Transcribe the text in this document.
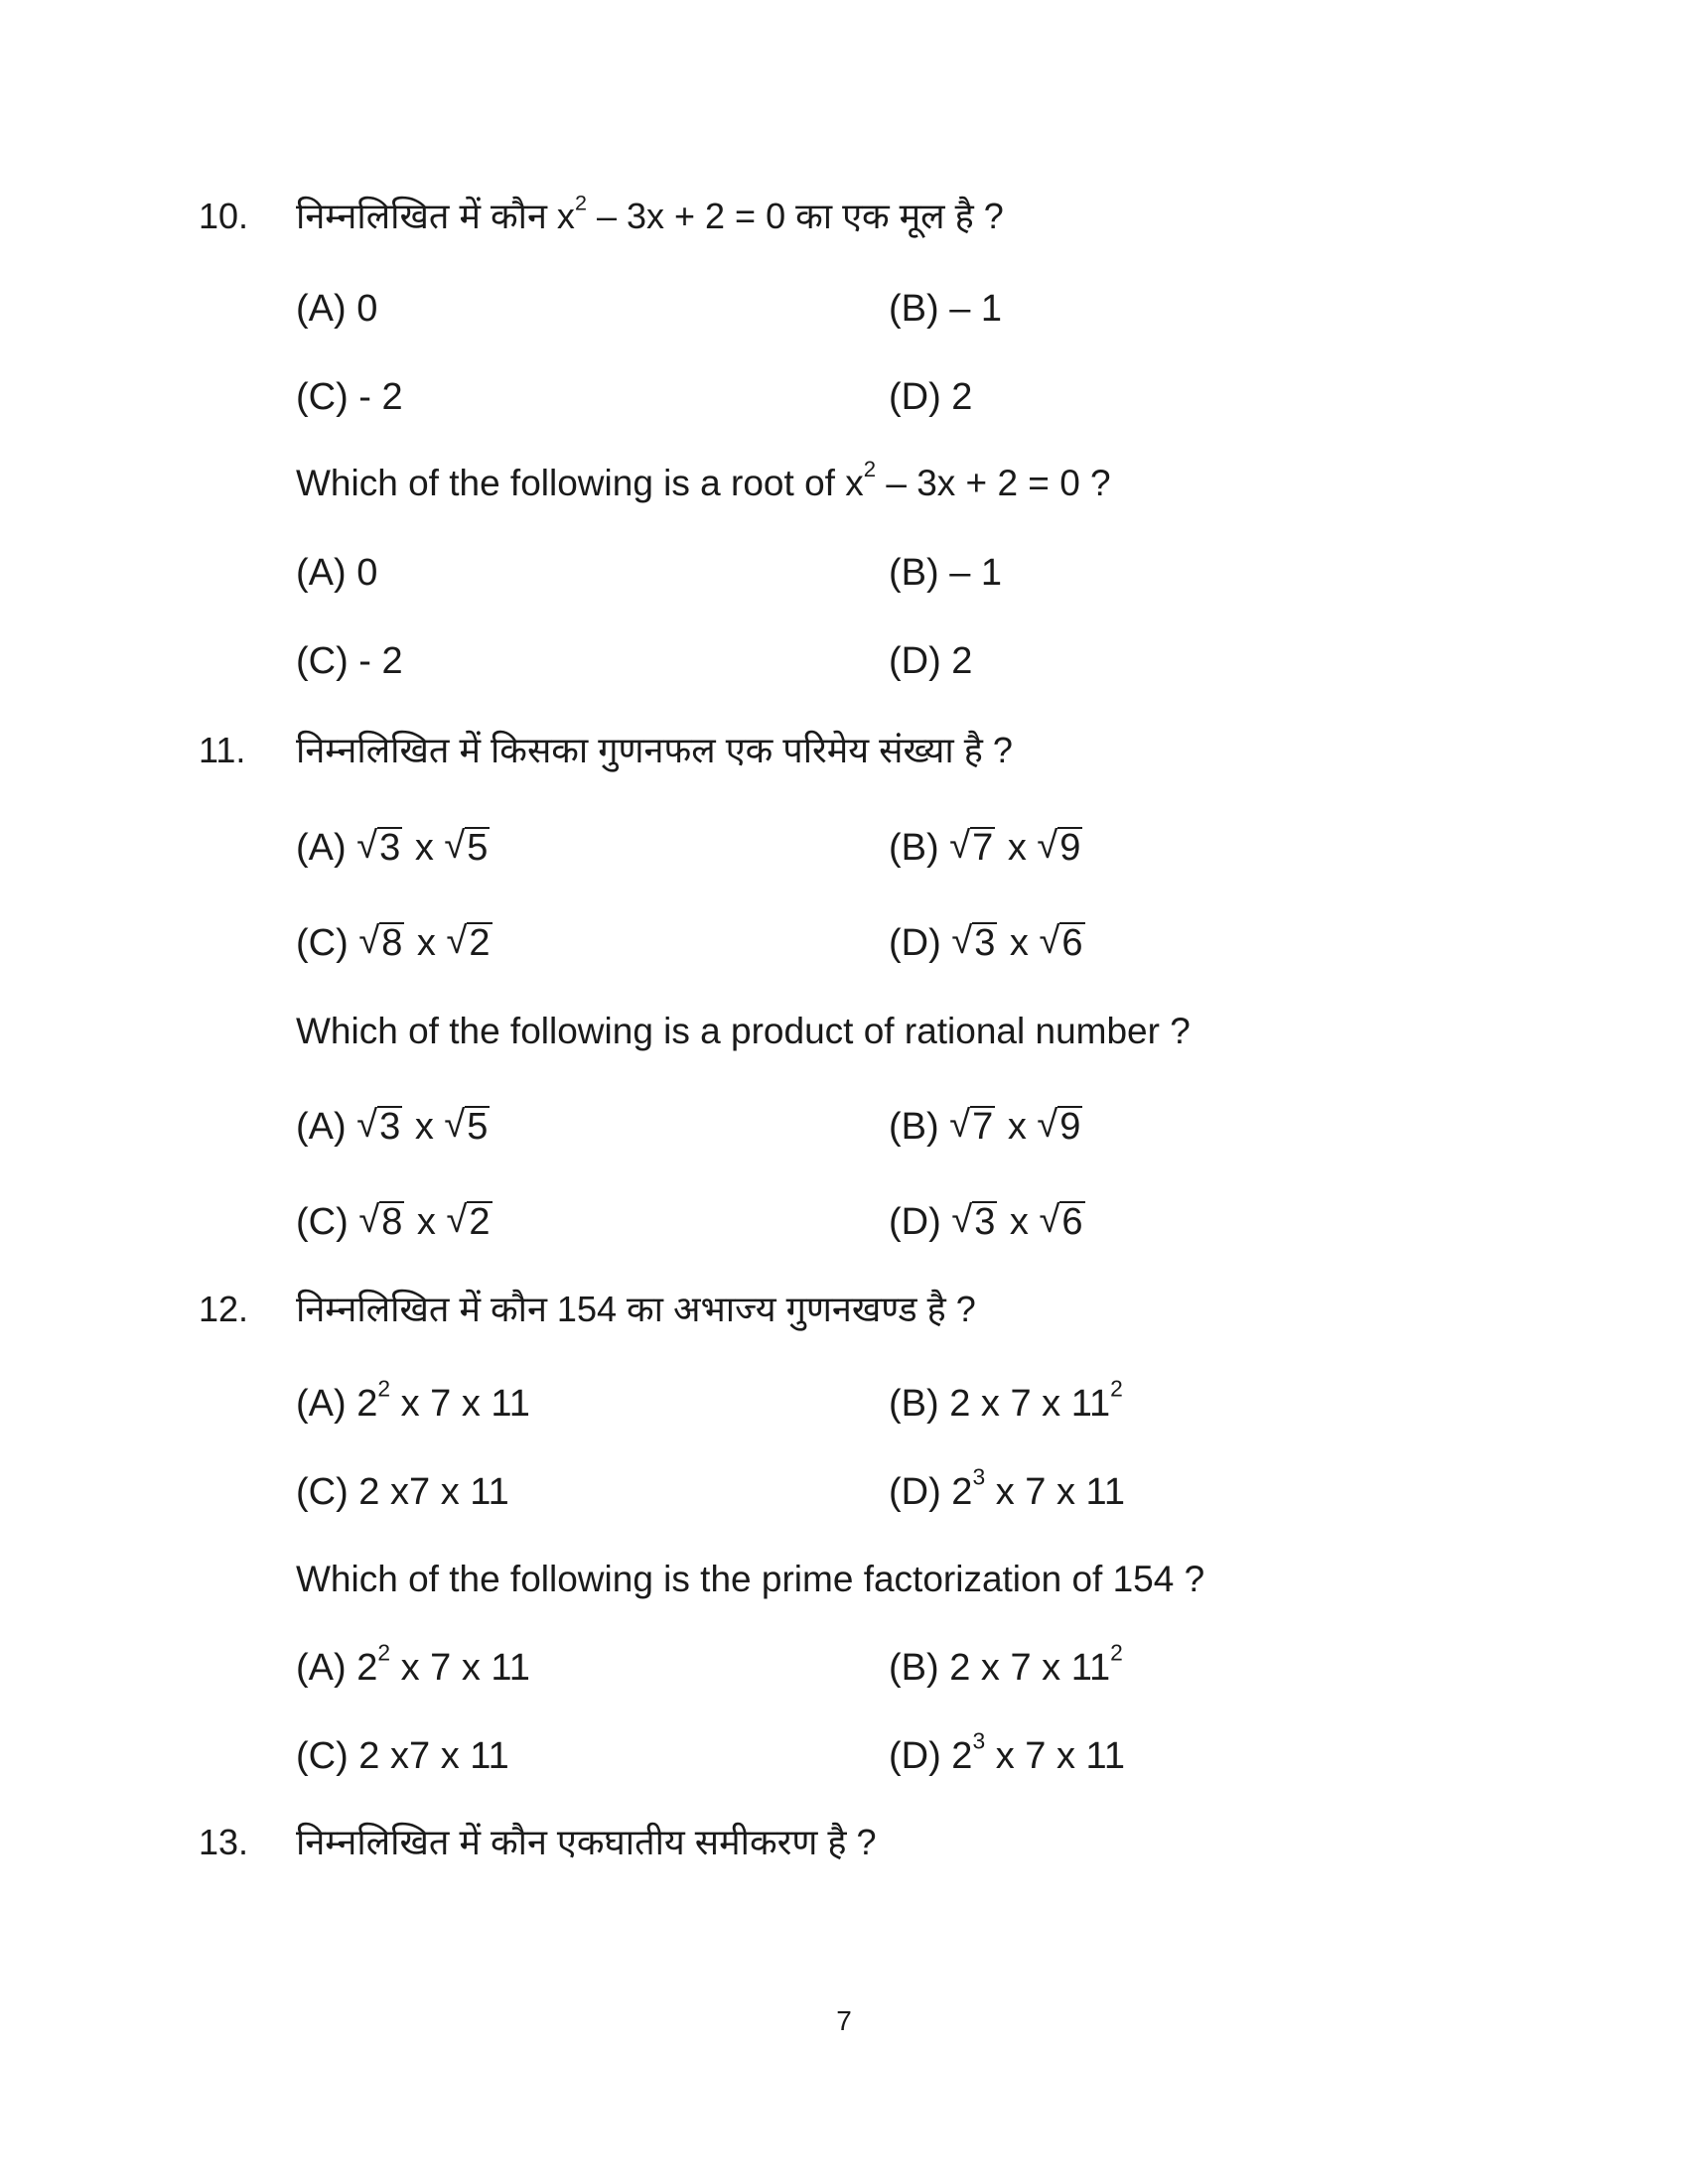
10. निम्नलिखित में कौन $x^2 - 3x + 2 = 0$ का एक मूल है ?
(A) 0	(B) – 1
(C) - 2	(D) 2
Which of the following is a root of $x^2 - 3x + 2 = 0$ ?
(A) 0	(B) – 1
(C) - 2	(D) 2
11. निम्नलिखित में किसका गुणनफल एक परिमेय संख्या है ?
(A) √ 3 x √ 5	(B) √ 7 x √ 9
(C) √ 8 x √ 2	(D) √ 3 x √ 6
Which of the following is a product of rational number ?
(A) √ 3 x √ 5	(B) √ 7 x √ 9
(C) √ 8 x √ 2	(D) √ 3 x √ 6
12. निम्नलिखित में कौन 154 का अभाज्य गुणनखण्ड है ?
(A) $2^2$ x 7 x 11	(B) 2 x 7 x $11^2$
(C) 2 x7 x 11	(D) $2^3$ x 7 x 11
Which of the following is the prime factorization of 154 ?
(A) $2^2$ x 7 x 11	(B) 2 x 7 x $11^2$
(C) 2 x7 x 11	(D) $2^3$ x 7 x 11
13. निम्नलिखित में कौन एकघातीय समीकरण है ?
7
